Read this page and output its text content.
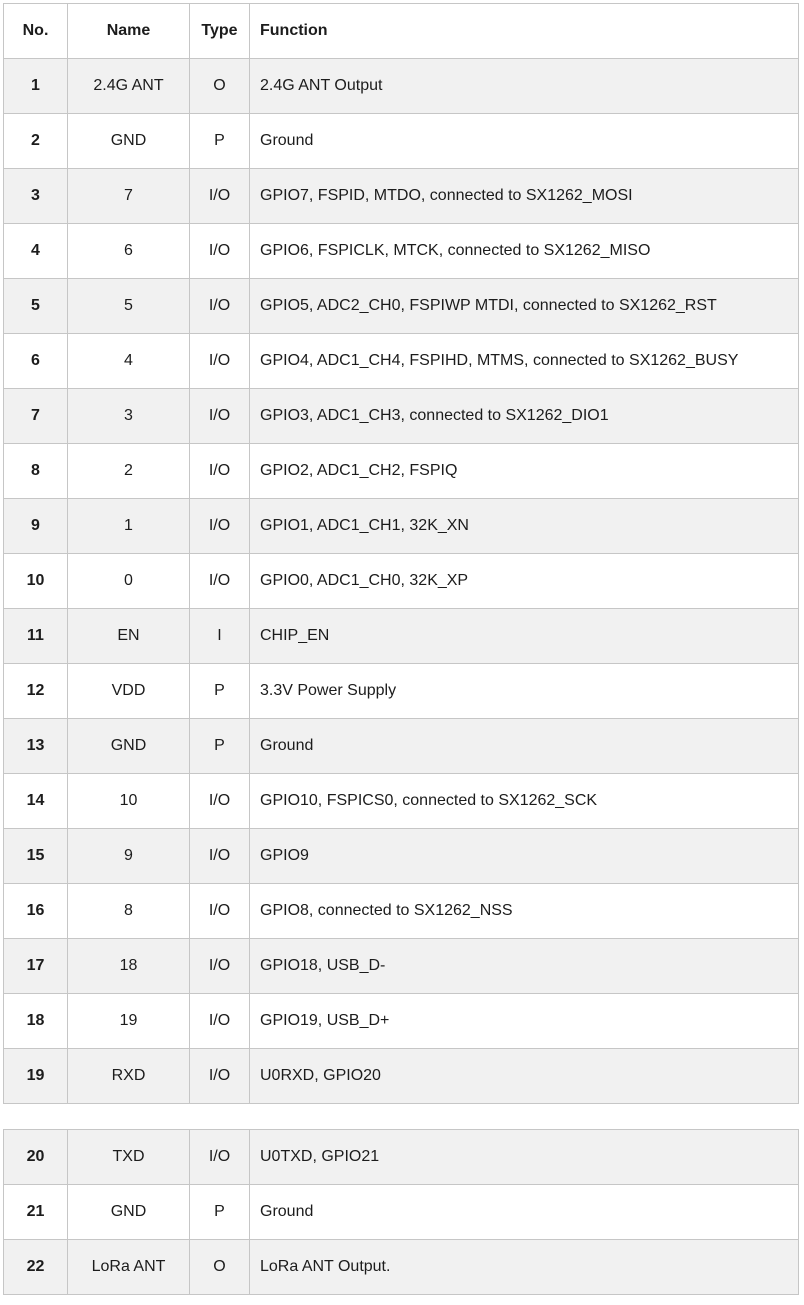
No.	Name	Type	Function
1	2.4G ANT	O	2.4G ANT Output
2	GND	P	Ground
3	7	I/O	GPIO7, FSPID, MTDO, connected to SX1262_MOSI
4	6	I/O	GPIO6, FSPICLK, MTCK, connected to SX1262_MISO
5	5	I/O	GPIO5, ADC2_CH0, FSPIWP MTDI, connected to SX1262_RST
6	4	I/O	GPIO4, ADC1_CH4, FSPIHD, MTMS, connected to SX1262_BUSY
7	3	I/O	GPIO3, ADC1_CH3, connected to SX1262_DIO1
8	2	I/O	GPIO2, ADC1_CH2, FSPIQ
9	1	I/O	GPIO1, ADC1_CH1, 32K_XN
10	0	I/O	GPIO0, ADC1_CH0, 32K_XP
11	EN	I	CHIP_EN
12	VDD	P	3.3V Power Supply
13	GND	P	Ground
14	10	I/O	GPIO10, FSPICS0, connected to SX1262_SCK
15	9	I/O	GPIO9
16	8	I/O	GPIO8, connected to SX1262_NSS
17	18	I/O	GPIO18, USB_D-
18	19	I/O	GPIO19, USB_D+
19	RXD	I/O	U0RXD, GPIO20
20	TXD	I/O	U0TXD, GPIO21
21	GND	P	Ground
22	LoRa ANT	O	LoRa ANT Output.
